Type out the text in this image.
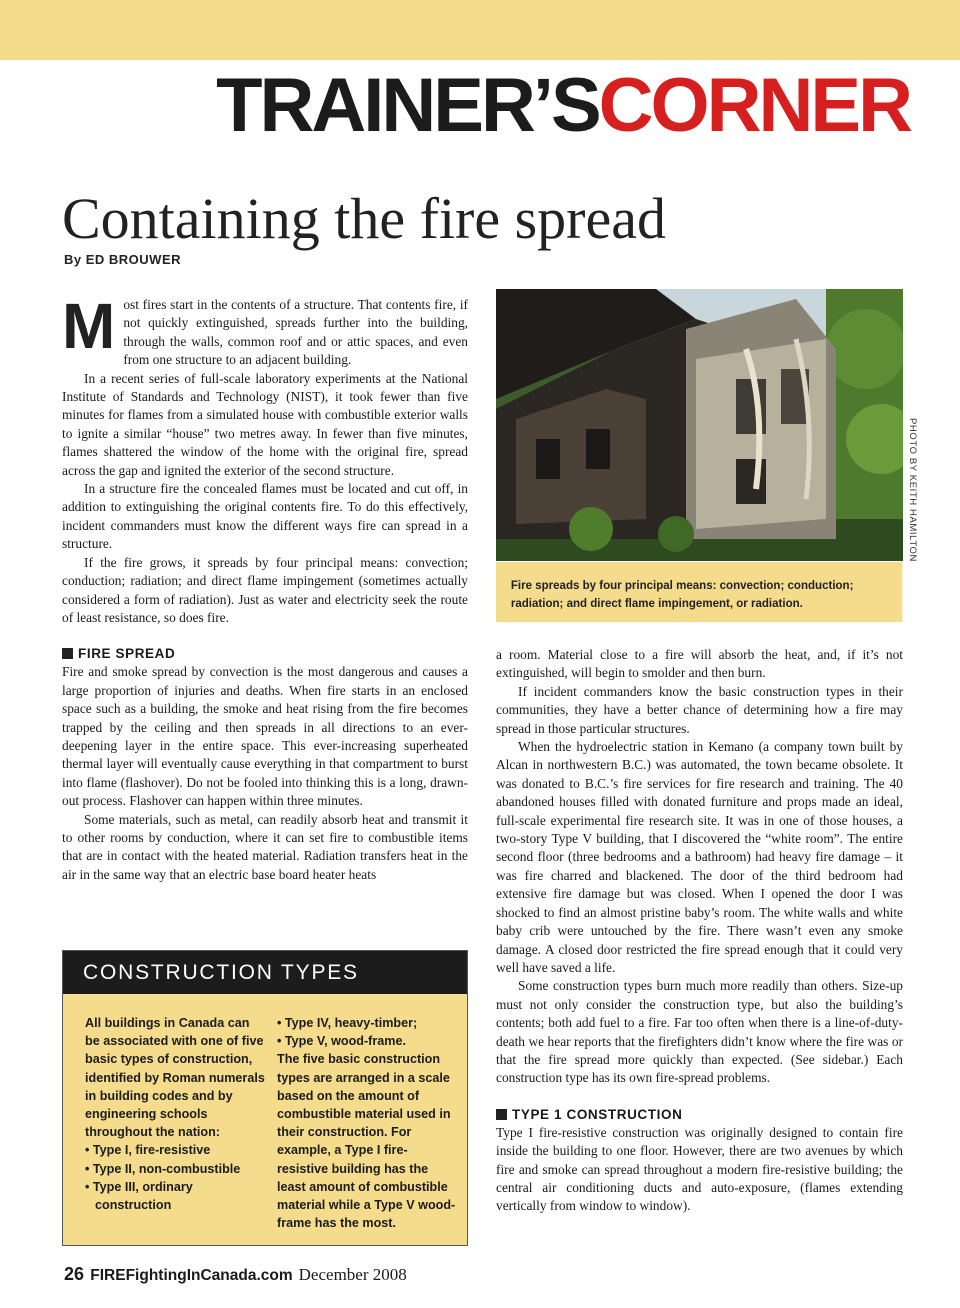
TRAINER’SCORNER
Containing the fire spread
By ED BROUWER

Most fires start in the contents of a structure. That contents fire, if not quickly extinguished, spreads further into the building, through the walls, common roof and or attic spaces, and even from one structure to an adjacent building.

In a recent series of full-scale laboratory experiments at the National Institute of Standards and Technology (NIST), it took fewer than five minutes for flames from a simulated house with combustible exterior walls to ignite a similar “house” two metres away. In fewer than five minutes, flames shattered the window of the home with the original fire, spread across the gap and ignited the exterior of the second structure.

In a structure fire the concealed flames must be located and cut off, in addition to extinguishing the original contents fire. To do this effectively, incident commanders must know the different ways fire can spread in a structure.

If the fire grows, it spreads by four principal means: convection; conduction; radiation; and direct flame impingement (sometimes actually considered a form of radiation). Just as water and electricity seek the route of least resistance, so does fire.

FIRE SPREAD

Fire and smoke spread by convection is the most dangerous and causes a large proportion of injuries and deaths. When fire starts in an enclosed space such as a building, the smoke and heat rising from the fire becomes trapped by the ceiling and then spreads in all directions to an ever-deepening layer in the entire space. This ever-increasing superheated thermal layer will eventually cause everything in that compartment to burst into flame (flashover). Do not be fooled into thinking this is a long, drawn-out process. Flashover can happen within three minutes.

Some materials, such as metal, can readily absorb heat and transmit it to other rooms by conduction, where it can set fire to combustible items that are in contact with the heated material. Radiation transfers heat in the air in the same way that an electric base board heater heats

PHOTO BY KEITH HAMILTON
Fire spreads by four principal means: convection; conduction; radiation; and direct flame impingement, or radiation.

a room. Material close to a fire will absorb the heat, and, if it’s not extinguished, will begin to smolder and then burn.

If incident commanders know the basic construction types in their communities, they have a better chance of determining how a fire may spread in those particular structures.

When the hydroelectric station in Kemano (a company town built by Alcan in northwestern B.C.) was automated, the town became obsolete. It was donated to B.C.’s fire services for fire research and training. The 40 abandoned houses filled with donated furniture and props made an ideal, full-scale experimental fire research site. It was in one of those houses, a two-story Type V building, that I discovered the “white room”. The entire second floor (three bedrooms and a bathroom) had heavy fire damage – it was fire charred and blackened. The door of the third bedroom had extensive fire damage but was closed. When I opened the door I was shocked to find an almost pristine baby’s room. The white walls and white baby crib were untouched by the fire. There wasn’t even any smoke damage. A closed door restricted the fire spread enough that it could very well have saved a life.

Some construction types burn much more readily than others. Size-up must not only consider the construction type, but also the building’s contents; both add fuel to a fire. Far too often when there is a line-of-duty-death we hear reports that the firefighters didn’t know where the fire was or that the fire spread more quickly than expected. (See sidebar.) Each construction type has its own fire-spread problems.

TYPE 1 CONSTRUCTION

Type I fire-resistive construction was originally designed to contain fire inside the building to one floor. However, there are two avenues by which fire and smoke can spread throughout a modern fire-resistive building; the central air conditioning ducts and auto-exposure, (flames extending vertically from window to window).

CONSTRUCTION TYPES
All buildings in Canada can be associated with one of five basic types of construction, identified by Roman numerals in building codes and by engineering schools throughout the nation:
• Type I, fire-resistive
• Type II, non-combustible
• Type III, ordinary
construction
• Type IV, heavy-timber;
• Type V, wood-frame.
The five basic construction types are arranged in a scale based on the amount of combustible material used in their construction. For example, a Type I fire-resistive building has the least amount of combustible material while a Type V wood-frame has the most.
26 FIREFightingInCanada.com December 2008
